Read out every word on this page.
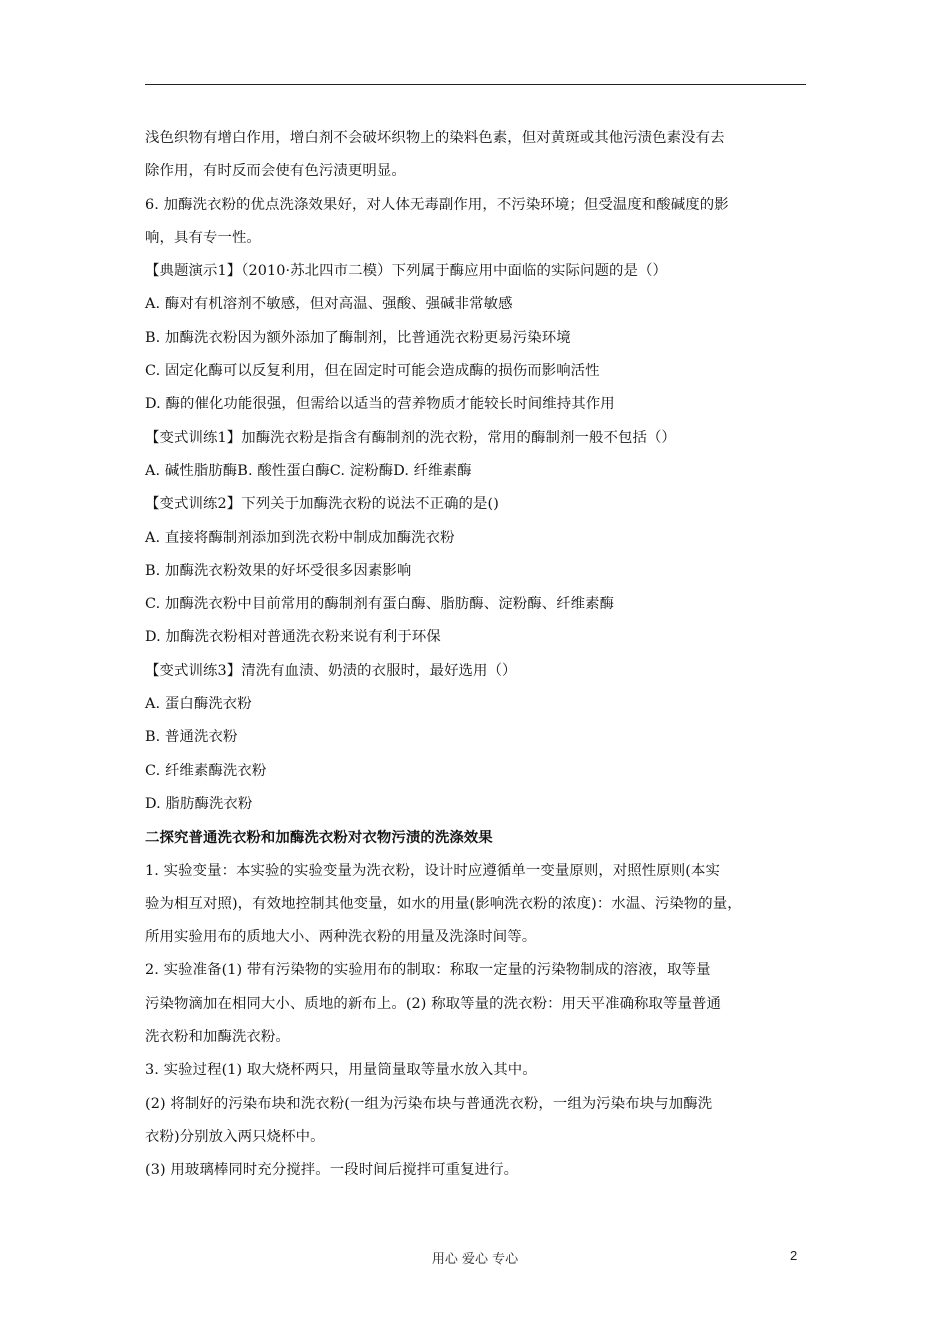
浅色织物有增白作用，增白剂不会破坏织物上的染料色素，但对黄斑或其他污渍色素没有去
除作用，有时反而会使有色污渍更明显。
6. 加酶洗衣粉的优点洗涤效果好，对人体无毒副作用，不污染环境；但受温度和酸碱度的影
响，具有专一性。
【典题演示1】（2010·苏北四市二模）下列属于酶应用中面临的实际问题的是（）
A. 酶对有机溶剂不敏感，但对高温、强酸、强碱非常敏感
B. 加酶洗衣粉因为额外添加了酶制剂，比普通洗衣粉更易污染环境
C. 固定化酶可以反复利用，但在固定时可能会造成酶的损伤而影响活性
D. 酶的催化功能很强，但需给以适当的营养物质才能较长时间维持其作用
【变式训练1】加酶洗衣粉是指含有酶制剂的洗衣粉，常用的酶制剂一般不包括（）
A. 碱性脂肪酶B. 酸性蛋白酶C. 淀粉酶D. 纤维素酶
【变式训练2】下列关于加酶洗衣粉的说法不正确的是()
A. 直接将酶制剂添加到洗衣粉中制成加酶洗衣粉
B. 加酶洗衣粉效果的好坏受很多因素影响
C. 加酶洗衣粉中目前常用的酶制剂有蛋白酶、脂肪酶、淀粉酶、纤维素酶
D. 加酶洗衣粉相对普通洗衣粉来说有利于环保
【变式训练3】清洗有血渍、奶渍的衣服时，最好选用（）
A. 蛋白酶洗衣粉
B. 普通洗衣粉
C. 纤维素酶洗衣粉
D. 脂肪酶洗衣粉
二探究普通洗衣粉和加酶洗衣粉对衣物污渍的洗涤效果
1. 实验变量：本实验的实验变量为洗衣粉，设计时应遵循单一变量原则，对照性原则(本实
验为相互对照)，有效地控制其他变量，如水的用量(影响洗衣粉的浓度)：水温、污染物的量，
所用实验用布的质地大小、两种洗衣粉的用量及洗涤时间等。
2. 实验准备(1) 带有污染物的实验用布的制取：称取一定量的污染物制成的溶液，取等量
污染物滴加在相同大小、质地的新布上。(2) 称取等量的洗衣粉：用天平准确称取等量普通
洗衣粉和加酶洗衣粉。
3. 实验过程(1) 取大烧杯两只，用量筒量取等量水放入其中。
(2) 将制好的污染布块和洗衣粉(一组为污染布块与普通洗衣粉，一组为污染布块与加酶洗
衣粉)分别放入两只烧杯中。
(3) 用玻璃棒同时充分搅拌。一段时间后搅拌可重复进行。
用心 爱心 专心	2
